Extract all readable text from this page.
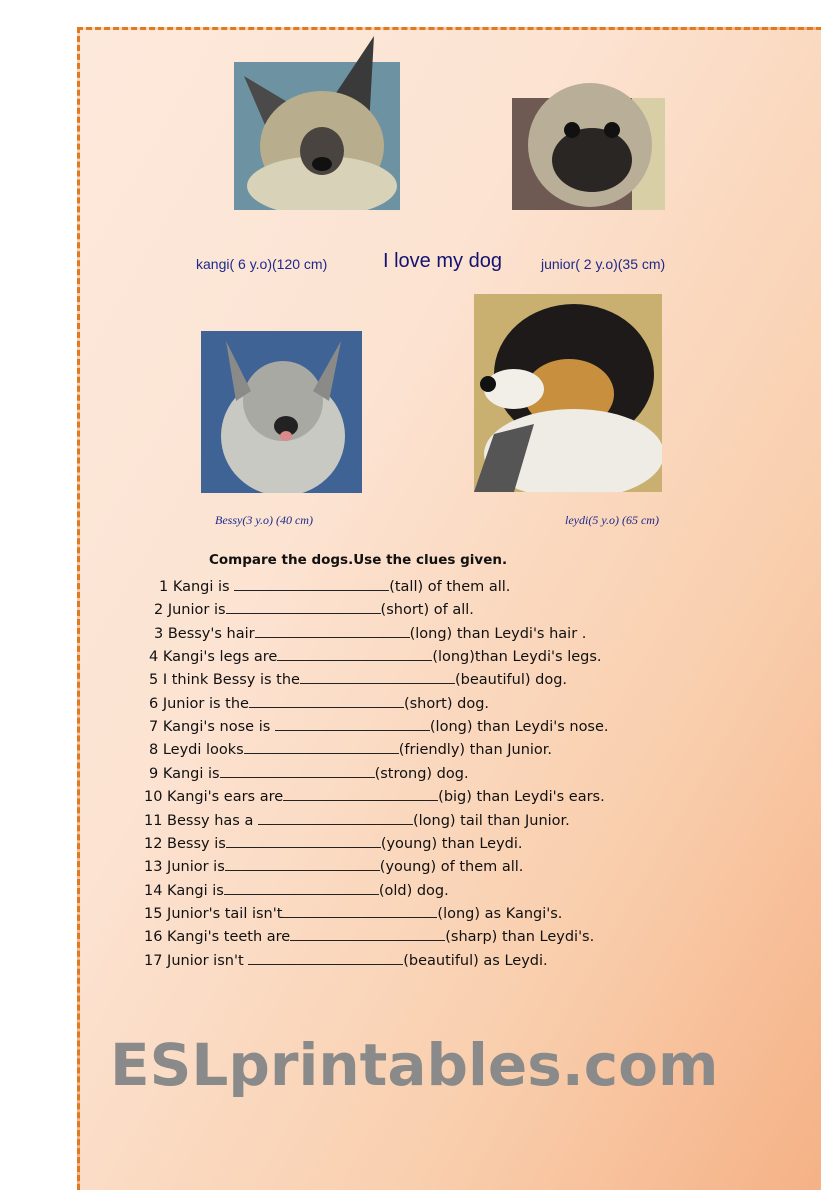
kangi( 6 y.o)(120 cm)	I love my dog	junior( 2 y.o)(35 cm)
Bessy(3 y.o) (40 cm)	leydi(5 y.o) (65 cm)
Compare the dogs.Use the clues given.
1 Kangi is	(tall) of them all.
2 Junior is	(short) of all.
3 Bessy's hair	(long) than Leydi's hair .
4 Kangi's legs are	(long)than Leydi's legs.
5 I think Bessy is the	(beautiful) dog.
6 Junior is the	(short) dog.
7 Kangi's nose is	(long) than Leydi's nose.
8 Leydi looks	(friendly) than Junior.
9 Kangi is	(strong) dog.
10 Kangi's ears are	(big) than Leydi's ears.
11 Bessy has a	(long) tail than Junior.
12 Bessy is	(young) than Leydi.
13 Junior is	(young) of them all.
14 Kangi is	(old) dog.
15 Junior's tail isn't	(long) as Kangi's.
16 Kangi's teeth are	(sharp) than Leydi's.
17 Junior isn't	(beautiful) as Leydi.
ESLprintables.com
